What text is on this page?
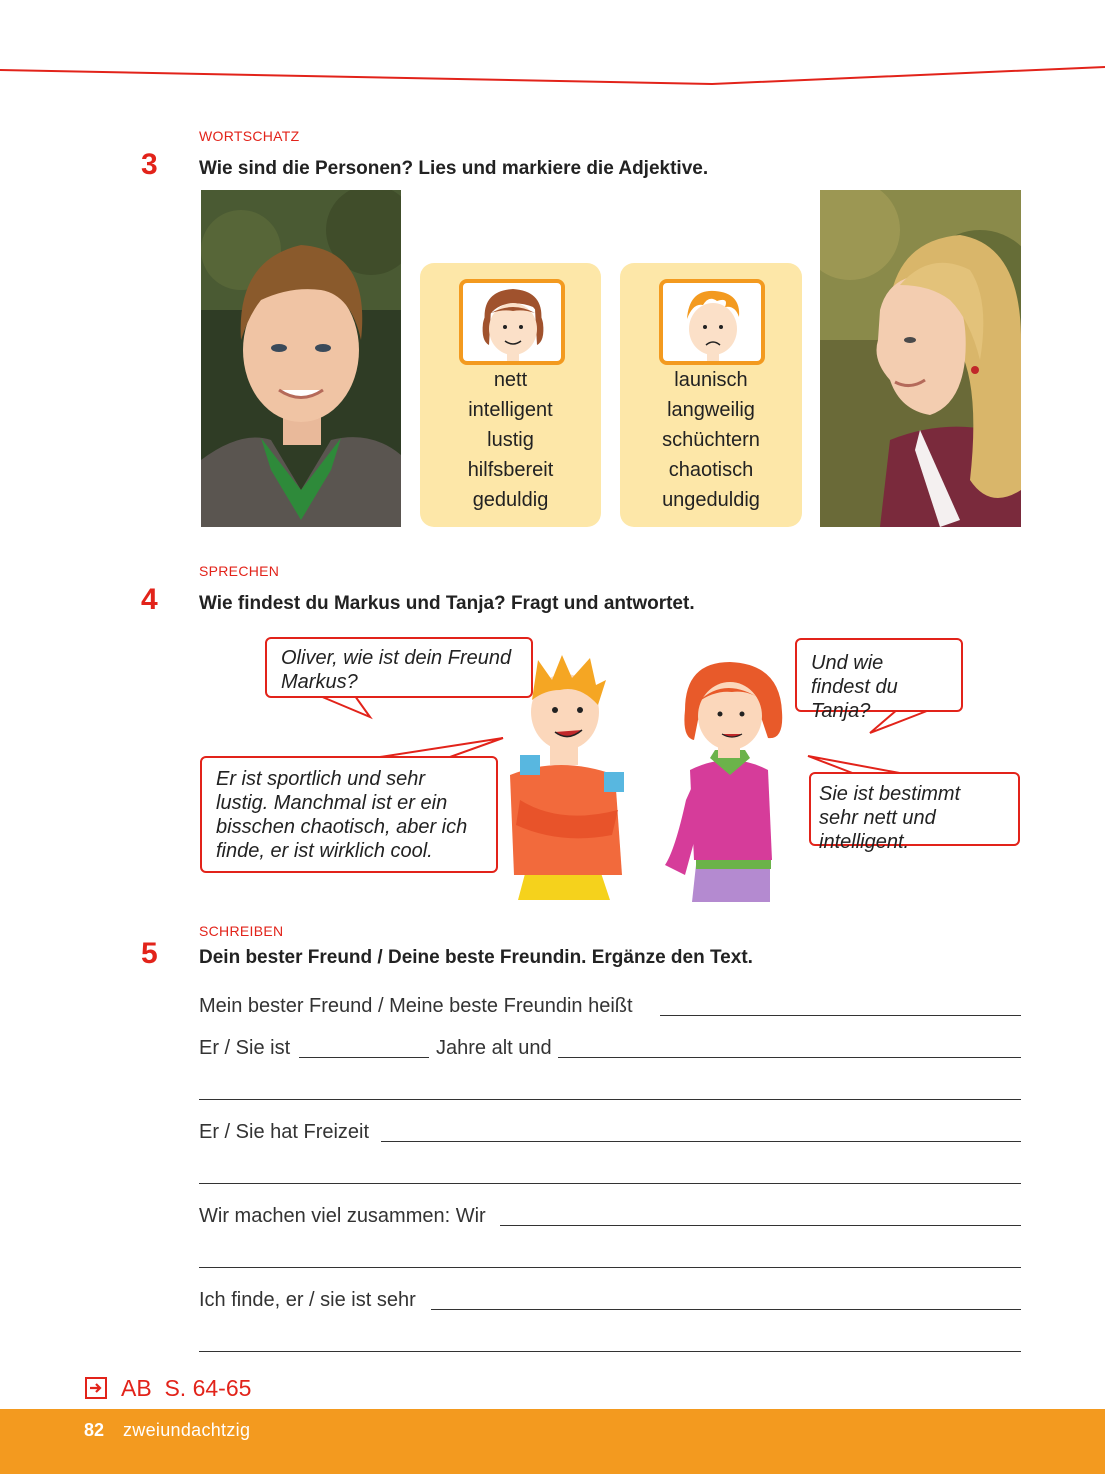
WORTSCHATZ
3 Wie sind die Personen? Lies und markiere die Adjektive.
nett
intelligent
lustig
hilfsbereit
geduldig
launisch
langweilig
schüchtern
chaotisch
ungeduldig
SPRECHEN
4 Wie findest du Markus und Tanja? Fragt und antwortet.
Oliver, wie ist dein Freund Markus?
Er ist sportlich und sehr lustig. Manchmal ist er ein bisschen chaotisch, aber ich finde, er ist wirklich cool.
Und wie findest du Tanja?
Sie ist bestimmt sehr nett und intelligent.
SCHREIBEN
5 Dein bester Freund / Deine beste Freundin. Ergänze den Text.
Mein bester Freund / Meine beste Freundin heißt
Er / Sie ist	Jahre alt und
Er / Sie hat Freizeit
Wir machen viel zusammen: Wir
Ich finde, er / sie ist sehr
AB  S. 64-65
82 zweiundachtzig
